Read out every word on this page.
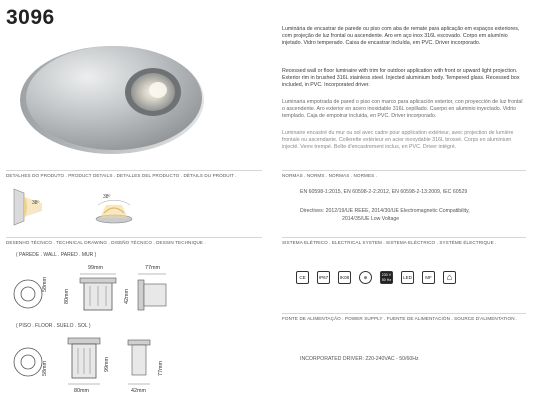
3096	Luminária de encastrar de parede ou piso com aba de remate para aplicação em espaços exteriores, com projeção de luz frontal ou ascendente. Aro em aço inox 316L escovado. Corpo em alumínio injetado. Vidro temperado. Caixa de encastrar incluída, em PVC. Driver incorporado.
Recessed wall or floor luminaire with trim for outdoor application with front or upward light projection. Exterior rim in brushed 316L stainless steel. Injected aluminium body. Tempered glass. Recessed box included, in PVC. Incorporated driver.
Luminaria empotrada de pared o piso con marco para aplicación exterior, con proyección de luz frontal o ascendente. Aro exterior en acero inoxidable 316L cepillado. Cuerpo en aluminio inyectado. Vidrio templado. Caja de empotrar incluida, en PVC. Driver incorporado.
Luminaire encastré du mur ou sol avec cadre pour application extérieur, avec projection de lumière frontale ou ascendante. Collerette extérieur en acier inoxydable 316L brossé. Corps en aluminium injecté. Verre trempé. Boîte d'encastrement inclus, en PVC. Driver intégré.
DETALHES DO PRODUTO . PRODUCT DETAILS . DETALLES DEL PRODUCTO . DÉTAILS DU PRODUIT .
38º
38º
NORMAS . NORMS . NORMAS . NORMES .
EN 60598-1:2015, EN 60598-2-2:2012, EN 60598-2-13:2009, IEC 60529
Directives: 2012/19/UE REEE, 2014/30/UE Electromagnetic Compatibility,
2014/35/UE Low Voltage
DESENHO TÉCNICO . TECHNICAL DRAWING . DISEÑO TÉCNICO . DESSIN TECHNIQUE .
( PAREDE . WALL . PARED . MUR )
99mm	77mm
58mm
80mm	42mm
( PISO . FLOOR . SUELO . SOL )
58mm	99mm	77mm
80mm	42mm
SISTEMA ELÉTRICO . ELECTRICAL SYSTEM . SISTEMA ELÉCTRICO . SYSTÈME ÉLECTRIQUE .
CE	IP67	IK08	⊕
230 V 50 Hz	LED	MF	⌂
FONTE DE ALIMENTAÇÃO . POWER SUPPLY . FUENTE DE ALIMENTACIÓN . SOURCE D'ALIMENTATION .
INCORPORATED DRIVER: 220-240VAC - 50/60Hz
